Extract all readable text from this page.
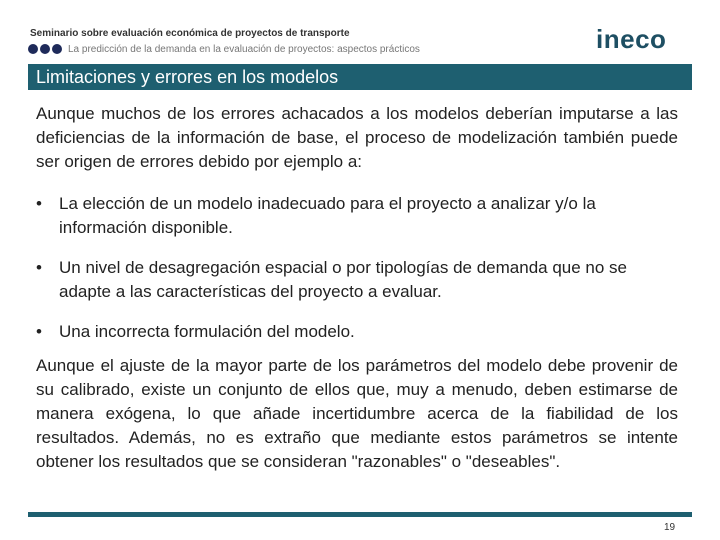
Seminario sobre evaluación económica de proyectos de transporte
La predicción de la demanda en la evaluación de proyectos: aspectos prácticos	ineco
Limitaciones y errores en los modelos

Aunque muchos de los errores achacados a los modelos deberían imputarse a las deficiencias de la información de base, el proceso de modelización también puede ser origen de errores debido por ejemplo a:

• La elección de un modelo inadecuado para el proyecto a analizar y/o la información disponible.
• Un nivel de desagregación espacial o por tipologías de demanda que no se adapte a las características del proyecto a evaluar.
• Una incorrecta formulación del modelo.

Aunque el ajuste de la mayor parte de los parámetros del modelo debe provenir de su calibrado, existe un conjunto de ellos que, muy a menudo, deben estimarse de manera exógena, lo que añade incertidumbre acerca de la fiabilidad de los resultados. Además, no es extraño que mediante estos parámetros se intente obtener los resultados que se consideran "razonables" o "deseables".

19
